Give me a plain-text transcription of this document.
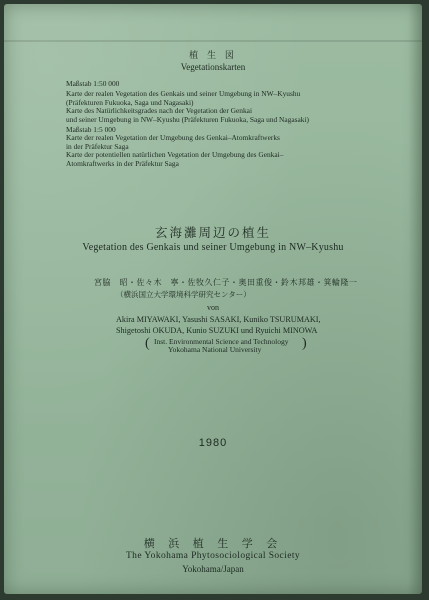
植 生 図
Vegetationskarten
Maßstab 1:50 000
Karte der realen Vegetation des Genkais und seiner Umgebung in NW–Kyushu
(Präfekturen Fukuoka, Saga und Nagasaki)
Karte des Natürlichkeitsgrades nach der Vegetation der Genkai
und seiner Umgebung in NW–Kyushu (Präfekturen Fukuoka, Saga und Nagasaki)
Maßstab 1:5 000
Karte der realen Vegetation der Umgebung des Genkai–Atomkraftwerks
in der Präfektur Saga
Karte der potentiellen natürlichen Vegetation der Umgebung des Genkai–
Atomkraftwerks in der Präfektur Saga
玄海灘周辺の植生
Vegetation des Genkais und seiner Umgebung in NW–Kyushu
宮脇　昭・佐々木　寧・佐牧久仁子・奥田重俊・鈴木邦雄・箕輪隆一
（横浜国立大学環境科学研究センター）
von
Akira MIYAWAKI, Yasushi SASAKI, Kuniko TSURUMAKI,
Shigetoshi OKUDA, Kunio SUZUKI und Ryuichi MINOWA
( Inst. Environmental Science and Technology
Yokohama National University	)
1980
横 浜 植 生 学 会
The Yokohama Phytosociological Society
Yokohama/Japan
